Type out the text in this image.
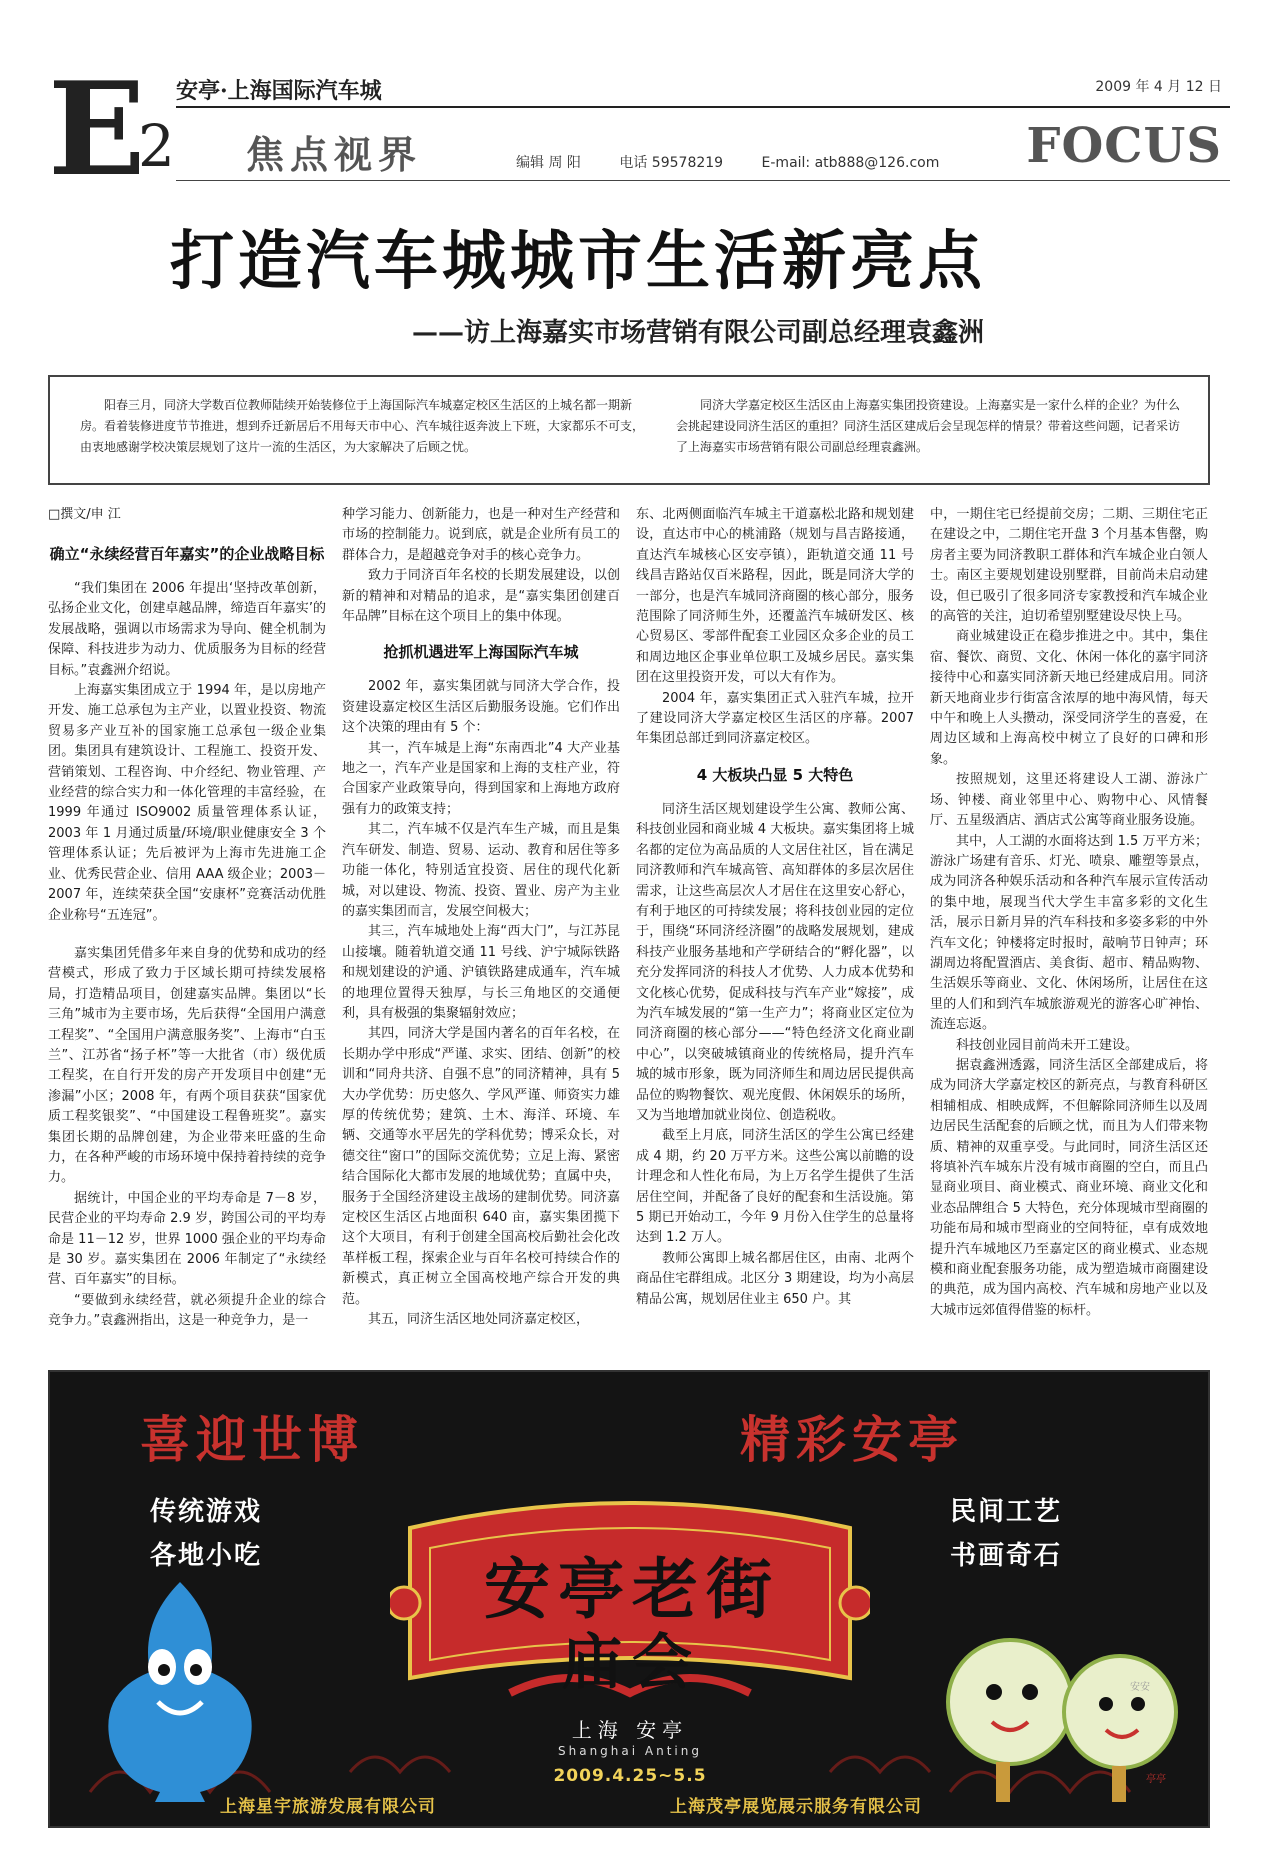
E
2
安亭·上海国际汽车城	2009 年 4 月 12 日
焦点视界	编辑 周 阳	电话 59578219	E-mail: atb888@126.com	FOCUS
打造汽车城城市生活新亮点
——访上海嘉实市场营销有限公司副总经理袁鑫洲
阳春三月，同济大学数百位教师陆续开始装修位于上海国际汽车城嘉定校区生活区的上城名都一期新房。看着装修进度节节推进，想到乔迁新居后不用每天市中心、汽车城往返奔波上下班，大家都乐不可支，由衷地感谢学校决策层规划了这片一流的生活区，为大家解决了后顾之忧。
同济大学嘉定校区生活区由上海嘉实集团投资建设。上海嘉实是一家什么样的企业？为什么会挑起建设同济生活区的重担？同济生活区建成后会呈现怎样的情景？带着这些问题，记者采访了上海嘉实市场营销有限公司副总经理袁鑫洲。
□撰文/申 江
确立“永续经营百年嘉实”的企业战略目标

“我们集团在 2006 年提出‘坚持改革创新，弘扬企业文化，创建卓越品牌，缔造百年嘉实’的发展战略，强调以市场需求为导向、健全机制为保障、科技进步为动力、优质服务为目标的经营目标。”袁鑫洲介绍说。

上海嘉实集团成立于 1994 年，是以房地产开发、施工总承包为主产业，以置业投资、物流贸易多产业互补的国家施工总承包一级企业集团。集团具有建筑设计、工程施工、投资开发、营销策划、工程咨询、中介经纪、物业管理、产业经营的综合实力和一体化管理的丰富经验，在 1999 年通过 ISO9002 质量管理体系认证，2003 年 1 月通过质量/环境/职业健康安全 3 个管理体系认证；先后被评为上海市先进施工企业、优秀民营企业、信用 AAA 级企业；2003－2007 年，连续荣获全国“安康杯”竞赛活动优胜企业称号“五连冠”。

嘉实集团凭借多年来自身的优势和成功的经营模式，形成了致力于区域长期可持续发展格局，打造精品项目，创建嘉实品牌。集团以“长三角”城市为主要市场，先后获得“全国用户满意工程奖”、“全国用户满意服务奖”、上海市“白玉兰”、江苏省“扬子杯”等一大批省（市）级优质工程奖，在自行开发的房产开发项目中创建“无渗漏”小区；2008 年，有两个项目获获“国家优质工程奖银奖”、“中国建设工程鲁班奖”。嘉实集团长期的品牌创建，为企业带来旺盛的生命力，在各种严峻的市场环境中保持着持续的竞争力。

据统计，中国企业的平均寿命是 7－8 岁，民营企业的平均寿命 2.9 岁，跨国公司的平均寿命是 11－12 岁，世界 1000 强企业的平均寿命是 30 岁。嘉实集团在 2006 年制定了“永续经营、百年嘉实”的目标。

“要做到永续经营，就必须提升企业的综合竞争力。”袁鑫洲指出，这是一种竞争力，是一

种学习能力、创新能力，也是一种对生产经营和市场的控制能力。说到底，就是企业所有员工的群体合力，是超越竞争对手的核心竞争力。

致力于同济百年名校的长期发展建设，以创新的精神和对精品的追求，是“嘉实集团创建百年品牌”目标在这个项目上的集中体现。

抢抓机遇进军上海国际汽车城

2002 年，嘉实集团就与同济大学合作，投资建设嘉定校区生活区后勤服务设施。它们作出这个决策的理由有 5 个：

其一，汽车城是上海“东南西北”4 大产业基地之一，汽车产业是国家和上海的支柱产业，符合国家产业政策导向，得到国家和上海地方政府强有力的政策支持；

其二，汽车城不仅是汽车生产城，而且是集汽车研发、制造、贸易、运动、教育和居住等多功能一体化，特别适宜投资、居住的现代化新城，对以建设、物流、投资、置业、房产为主业的嘉实集团而言，发展空间极大；

其三，汽车城地处上海“西大门”，与江苏昆山接壤。随着轨道交通 11 号线、沪宁城际铁路和规划建设的沪通、沪镇铁路建成通车，汽车城的地理位置得天独厚，与长三角地区的交通便利，具有极强的集聚辐射效应；

其四，同济大学是国内著名的百年名校，在长期办学中形成“严谨、求实、团结、创新”的校训和“同舟共济、自强不息”的同济精神，具有 5 大办学优势：历史悠久、学风严谨、师资实力雄厚的传统优势；建筑、土木、海洋、环境、车辆、交通等水平居先的学科优势；博采众长，对德交往“窗口”的国际交流优势；立足上海、紧密结合国际化大都市发展的地域优势；直属中央，服务于全国经济建设主战场的建制优势。同济嘉定校区生活区占地面积 640 亩，嘉实集团揽下这个大项目，有利于创建全国高校后勤社会化改革样板工程，探索企业与百年名校可持续合作的新模式，真正树立全国高校地产综合开发的典范。

其五，同济生活区地处同济嘉定校区，

东、北两侧面临汽车城主干道嘉松北路和规划建设，直达市中心的桃浦路（规划与昌吉路接通，直达汽车城核心区安亭镇），距轨道交通 11 号线昌吉路站仅百米路程，因此，既是同济大学的一部分，也是汽车城同济商圈的核心部分，服务范围除了同济师生外，还覆盖汽车城研发区、核心贸易区、零部件配套工业园区众多企业的员工和周边地区企事业单位职工及城乡居民。嘉实集团在这里投资开发，可以大有作为。

2004 年，嘉实集团正式入驻汽车城，拉开了建设同济大学嘉定校区生活区的序幕。2007 年集团总部迁到同济嘉定校区。

4 大板块凸显 5 大特色

同济生活区规划建设学生公寓、教师公寓、科技创业园和商业城 4 大板块。嘉实集团将上城名都的定位为高品质的人文居住社区，旨在满足同济教师和汽车城高管、高知群体的多层次居住需求，让这些高层次人才居住在这里安心舒心，有利于地区的可持续发展；将科技创业园的定位于，围绕“环同济经济圈”的战略发展规划，建成科技产业服务基地和产学研结合的“孵化器”，以充分发挥同济的科技人才优势、人力成本优势和文化核心优势，促成科技与汽车产业“嫁接”，成为汽车城发展的“第一生产力”；将商业区定位为同济商圈的核心部分——“特色经济文化商业副中心”，以突破城镇商业的传统格局，提升汽车城的城市形象，既为同济师生和周边居民提供高品位的购物餐饮、观光度假、休闲娱乐的场所，又为当地增加就业岗位、创造税收。

截至上月底，同济生活区的学生公寓已经建成 4 期，约 20 万平方米。这些公寓以前瞻的设计理念和人性化布局，为上万名学生提供了生活居住空间，并配备了良好的配套和生活设施。第 5 期已开始动工，今年 9 月份入住学生的总量将达到 1.2 万人。

教师公寓即上城名都居住区，由南、北两个商品住宅群组成。北区分 3 期建设，均为小高层精品公寓，规划居住业主 650 户。其

中，一期住宅已经提前交房；二期、三期住宅正在建设之中，二期住宅开盘 3 个月基本售罄，购房者主要为同济教职工群体和汽车城企业白领人士。南区主要规划建设别墅群，目前尚未启动建设，但已吸引了很多同济专家教授和汽车城企业的高管的关注，迫切希望别墅建设尽快上马。

商业城建设正在稳步推进之中。其中，集住宿、餐饮、商贸、文化、休闲一体化的嘉宇同济接待中心和嘉实同济新天地已经建成启用。同济新天地商业步行街富含浓厚的地中海风情，每天中午和晚上人头攒动，深受同济学生的喜爱，在周边区域和上海高校中树立了良好的口碑和形象。

按照规划，这里还将建设人工湖、游泳广场、钟楼、商业邻里中心、购物中心、风情餐厅、五星级酒店、酒店式公寓等商业服务设施。

其中，人工湖的水面将达到 1.5 万平方米；游泳广场建有音乐、灯光、喷泉、雕塑等景点，成为同济各种娱乐活动和各种汽车展示宣传活动的集中地，展现当代大学生丰富多彩的文化生活，展示日新月异的汽车科技和多姿多彩的中外汽车文化；钟楼将定时报时，敲响节日钟声；环湖周边将配置酒店、美食街、超市、精品购物、生活娱乐等商业、文化、休闲场所，让居住在这里的人们和到汽车城旅游观光的游客心旷神怡、流连忘返。

科技创业园目前尚未开工建设。

据袁鑫洲透露，同济生活区全部建成后，将成为同济大学嘉定校区的新亮点，与教育科研区相辅相成、相映成辉，不但解除同济师生以及周边居民生活配套的后顾之忧，而且为人们带来物质、精神的双重享受。与此同时，同济生活区还将填补汽车城东片没有城市商圈的空白，而且凸显商业项目、商业模式、商业环境、商业文化和业态品牌组合 5 大特色，充分体现城市型商圈的功能布局和城市型商业的空间特征，卓有成效地提升汽车城地区乃至嘉定区的商业模式、业态规模和商业配套服务功能，成为塑造城市商圈建设的典范，成为国内高校、汽车城和房地产业以及大城市远郊值得借鉴的标杆。

喜迎世博	精彩安亭
传统游戏
各地小吃
民间工艺
书画奇石
安亭老街
庙会
上海 安亭
Shanghai Anting
2009.4.25~5.5
安安
亭亭
上海星宇旅游发展有限公司	上海茂亭展览展示服务有限公司
